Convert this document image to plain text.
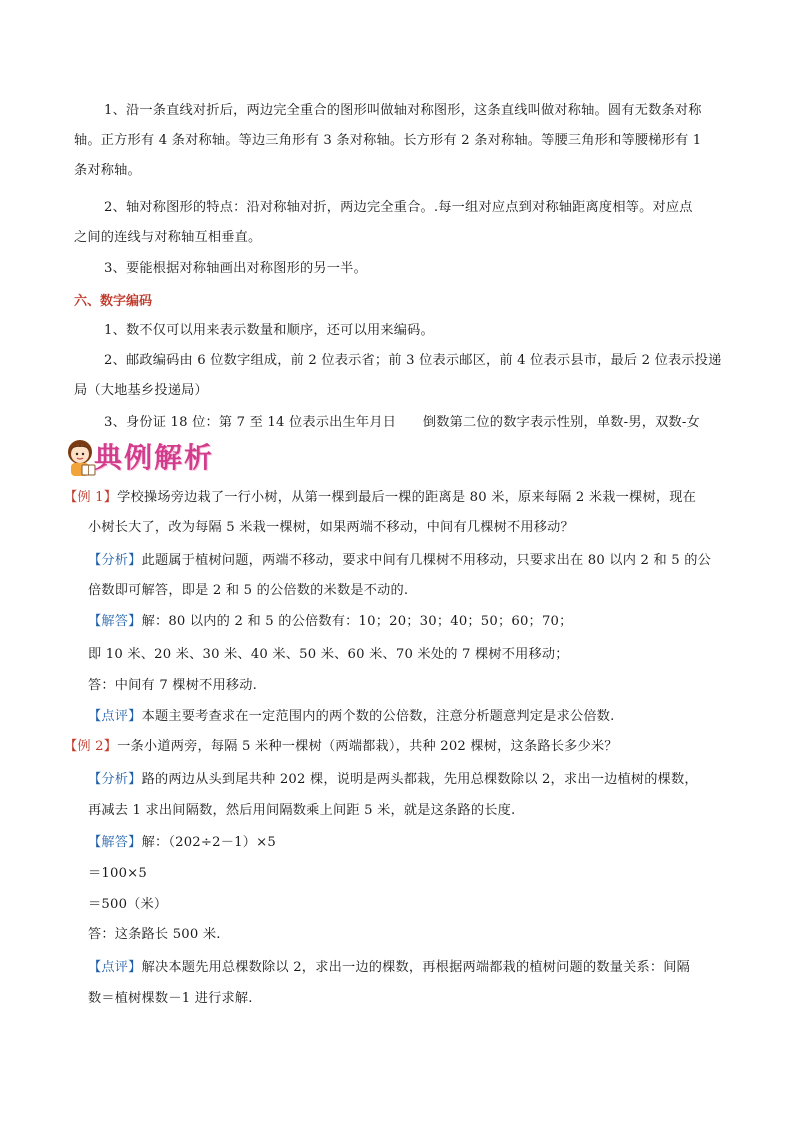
1、沿一条直线对折后，两边完全重合的图形叫做轴对称图形，这条直线叫做对称轴。圆有无数条对称
轴。正方形有 4 条对称轴。等边三角形有 3 条对称轴。长方形有 2 条对称轴。等腰三角形和等腰梯形有 1
条对称轴。
2、轴对称图形的特点：沿对称轴对折，两边完全重合。.每一组对应点到对称轴距离度相等。对应点
之间的连线与对称轴互相垂直。
3、要能根据对称轴画出对称图形的另一半。
六、数字编码
1、数不仅可以用来表示数量和顺序，还可以用来编码。
2、邮政编码由 6 位数字组成，前 2 位表示省；前 3 位表示邮区，前 4 位表示县市，最后 2 位表示投递
局（大地基乡投递局）
3、身份证 18 位：第 7 至 14 位表示出生年月日　　倒数第二位的数字表示性别，单数-男，双数-女
典例解析
【例 1】学校操场旁边栽了一行小树，从第一棵到最后一棵的距离是 80 米，原来每隔 2 米栽一棵树，现在
小树长大了，改为每隔 5 米栽一棵树，如果两端不移动，中间有几棵树不用移动？
【分析】此题属于植树问题，两端不移动，要求中间有几棵树不用移动，只要求出在 80 以内 2 和 5 的公
倍数即可解答，即是 2 和 5 的公倍数的米数是不动的.
【解答】解：80 以内的 2 和 5 的公倍数有：10；20；30；40；50；60；70；
即 10 米、20 米、30 米、40 米、50 米、60 米、70 米处的 7 棵树不用移动；
答：中间有 7 棵树不用移动.
【点评】本题主要考查求在一定范围内的两个数的公倍数，注意分析题意判定是求公倍数.
【例 2】一条小道两旁，每隔 5 米种一棵树（两端都栽），共种 202 棵树，这条路长多少米？
【分析】路的两边从头到尾共种 202 棵，说明是两头都栽，先用总棵数除以 2，求出一边植树的棵数，
再减去 1 求出间隔数，然后用间隔数乘上间距 5 米，就是这条路的长度.
【解答】解：（202÷2－1）×5
＝100×5
＝500（米）
答：这条路长 500 米.
【点评】解决本题先用总棵数除以 2，求出一边的棵数，再根据两端都栽的植树问题的数量关系：间隔
数＝植树棵数－1 进行求解.
